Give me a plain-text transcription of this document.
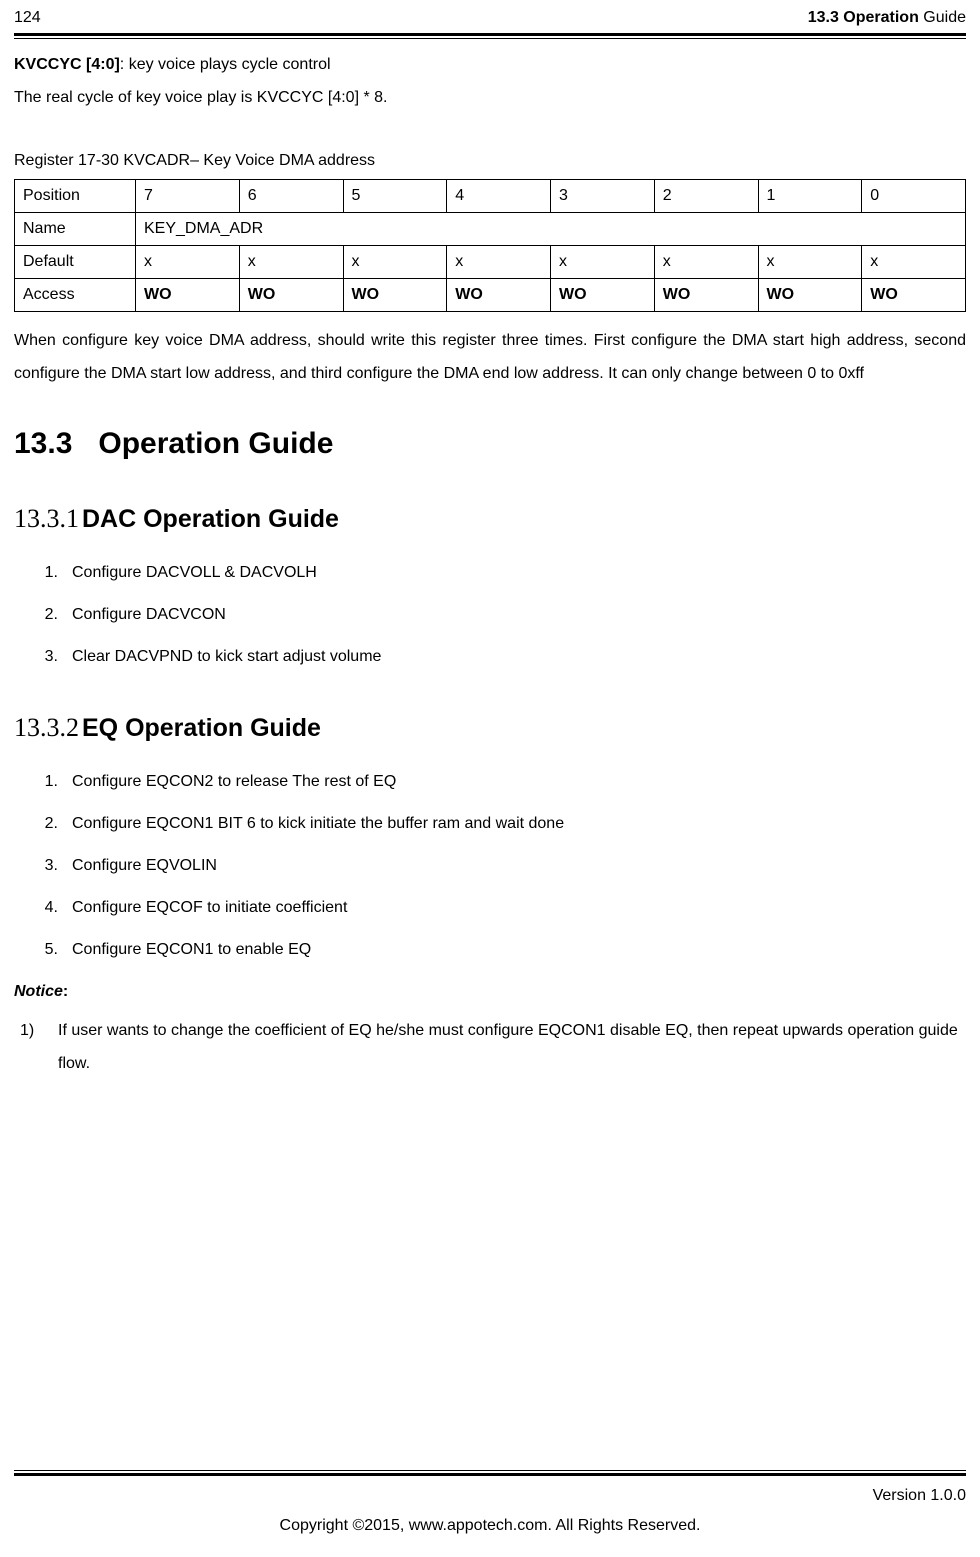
124	13.3 Operation Guide

KVCCYC [4:0]: key voice plays cycle control

The real cycle of key voice play is KVCCYC [4:0] * 8.

Register 17-30 KVCADR– Key Voice DMA address

Position	7	6	5	4	3	2	1	0
Name	KEY_DMA_ADR							
Default	x	x	x	x	x	x	x	x
Access	WO	WO	WO	WO	WO	WO	WO	WO

When configure key voice DMA address, should write this register three times. First configure the DMA start high address, second configure the DMA start low address, and third configure the DMA end low address. It can only change between 0 to 0xff

13.3 Operation Guide
13.3.1 DAC Operation Guide
1. Configure DACVOLL & DACVOLH
2. Configure DACVCON
3. Clear DACVPND to kick start adjust volume
13.3.2 EQ Operation Guide
1. Configure EQCON2 to release The rest of EQ
2. Configure EQCON1 BIT 6 to kick initiate the buffer ram and wait done
3. Configure EQVOLIN
4. Configure EQCOF to initiate coefficient
5. Configure EQCON1 to enable EQ

Notice:

1)	If user wants to change the coefficient of EQ he/she must configure EQCON1 disable EQ, then repeat upwards operation guide flow.
Version 1.0.0
Copyright ©2015, www.appotech.com. All Rights Reserved.
